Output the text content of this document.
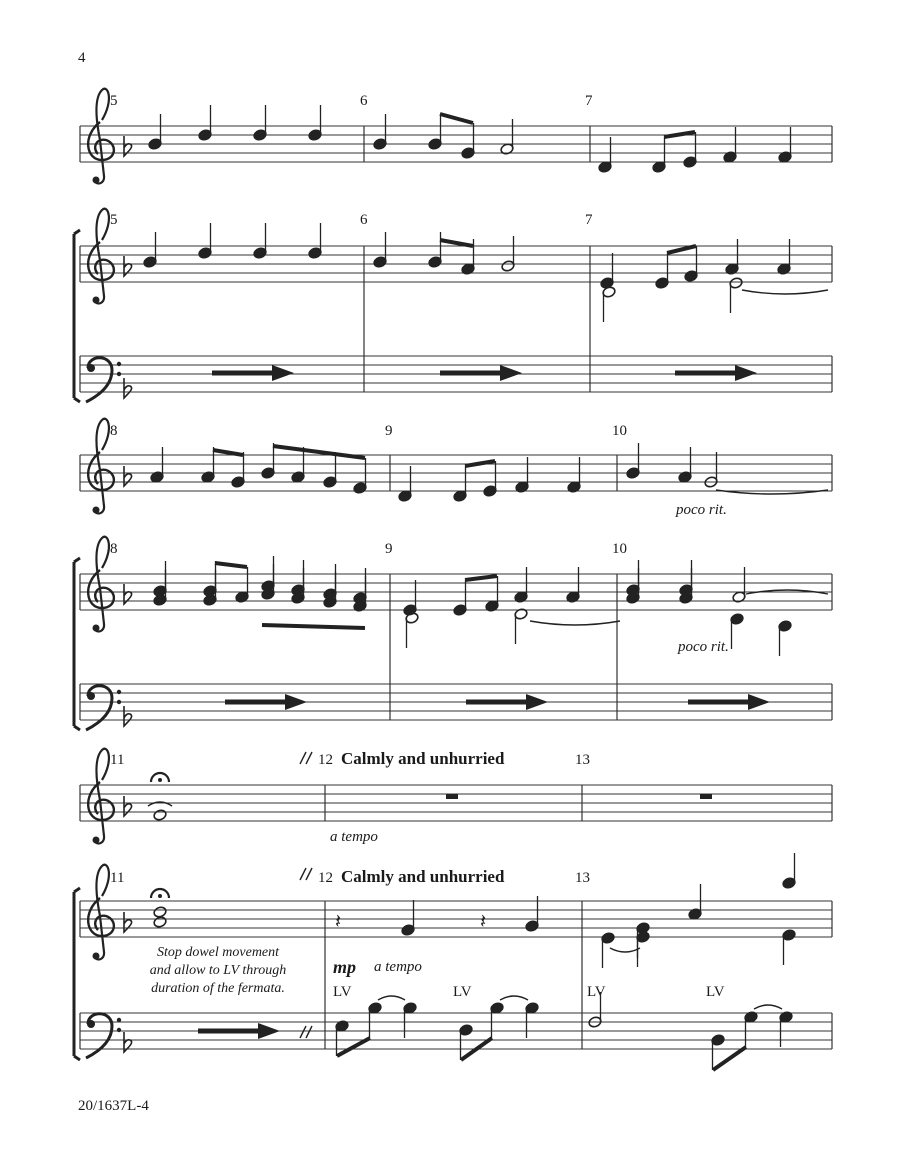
4
20/1637L-4
5	6	7
5	6	7
8	9	10
8	9	10
poco rit.
poco rit.
11	12 Calmly and unhurried	13
a tempo
11	12 Calmly and unhurried	13
mp a tempo
LV	LV	LV	LV
Stop dowel movement
and allow to LV through
duration of the fermata.
𝄽	𝄽
